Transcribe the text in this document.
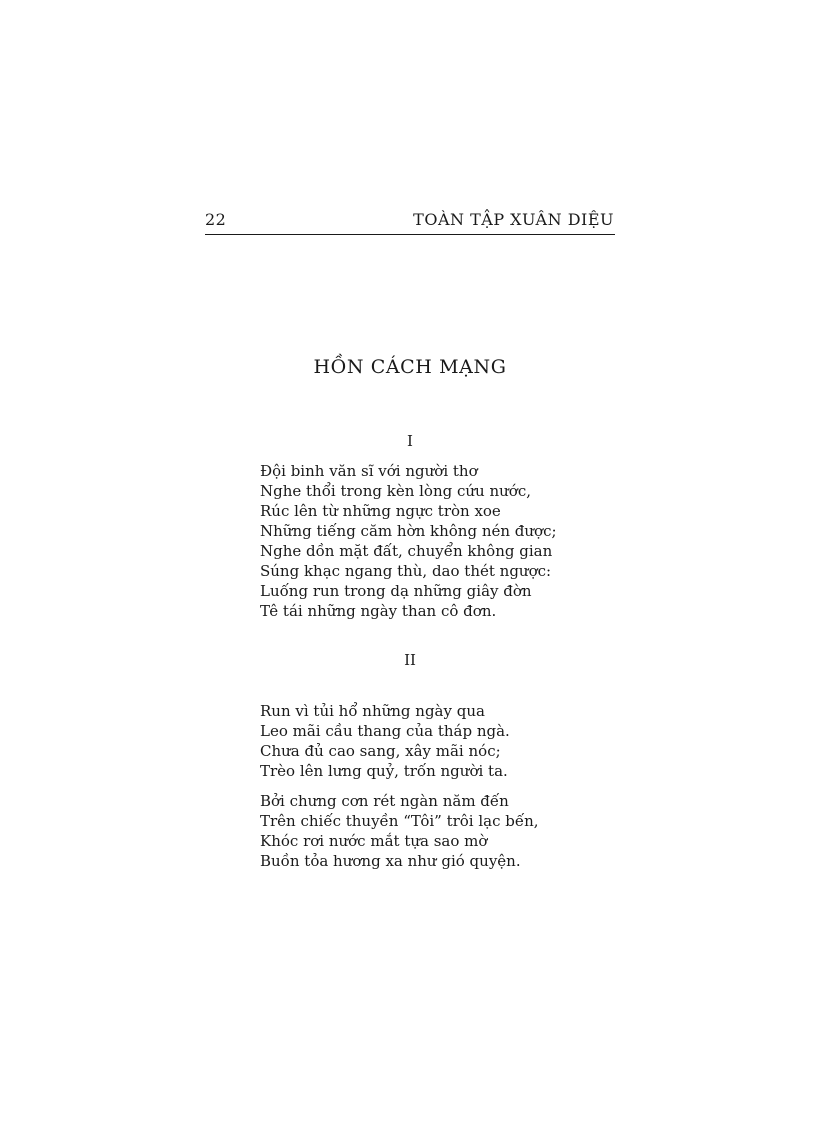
22	TOÀN TẬP XUÂN DIỆU
HỒN CÁCH MẠNG
I
Đội binh văn sĩ với người thơ
Nghe thổi trong kèn lòng cứu nước,
Rúc lên từ những ngực tròn xoe
Những tiếng căm hờn không nén được;
Nghe dồn mặt đất, chuyển không gian
Súng khạc ngang thù, dao thét ngược:
Luống run trong dạ những giây đờn
Tê tái những ngày than cô đơn.
II
Run vì tủi hổ những ngày qua
Leo mãi cầu thang của tháp ngà.
Chưa đủ cao sang, xây mãi nóc;
Trèo lên lưng quỷ, trốn người ta.
Bởi chưng cơn rét ngàn năm đến
Trên chiếc thuyền “Tôi” trôi lạc bến,
Khóc rơi nước mắt tựa sao mờ
Buồn tỏa hương xa như gió quyện.
